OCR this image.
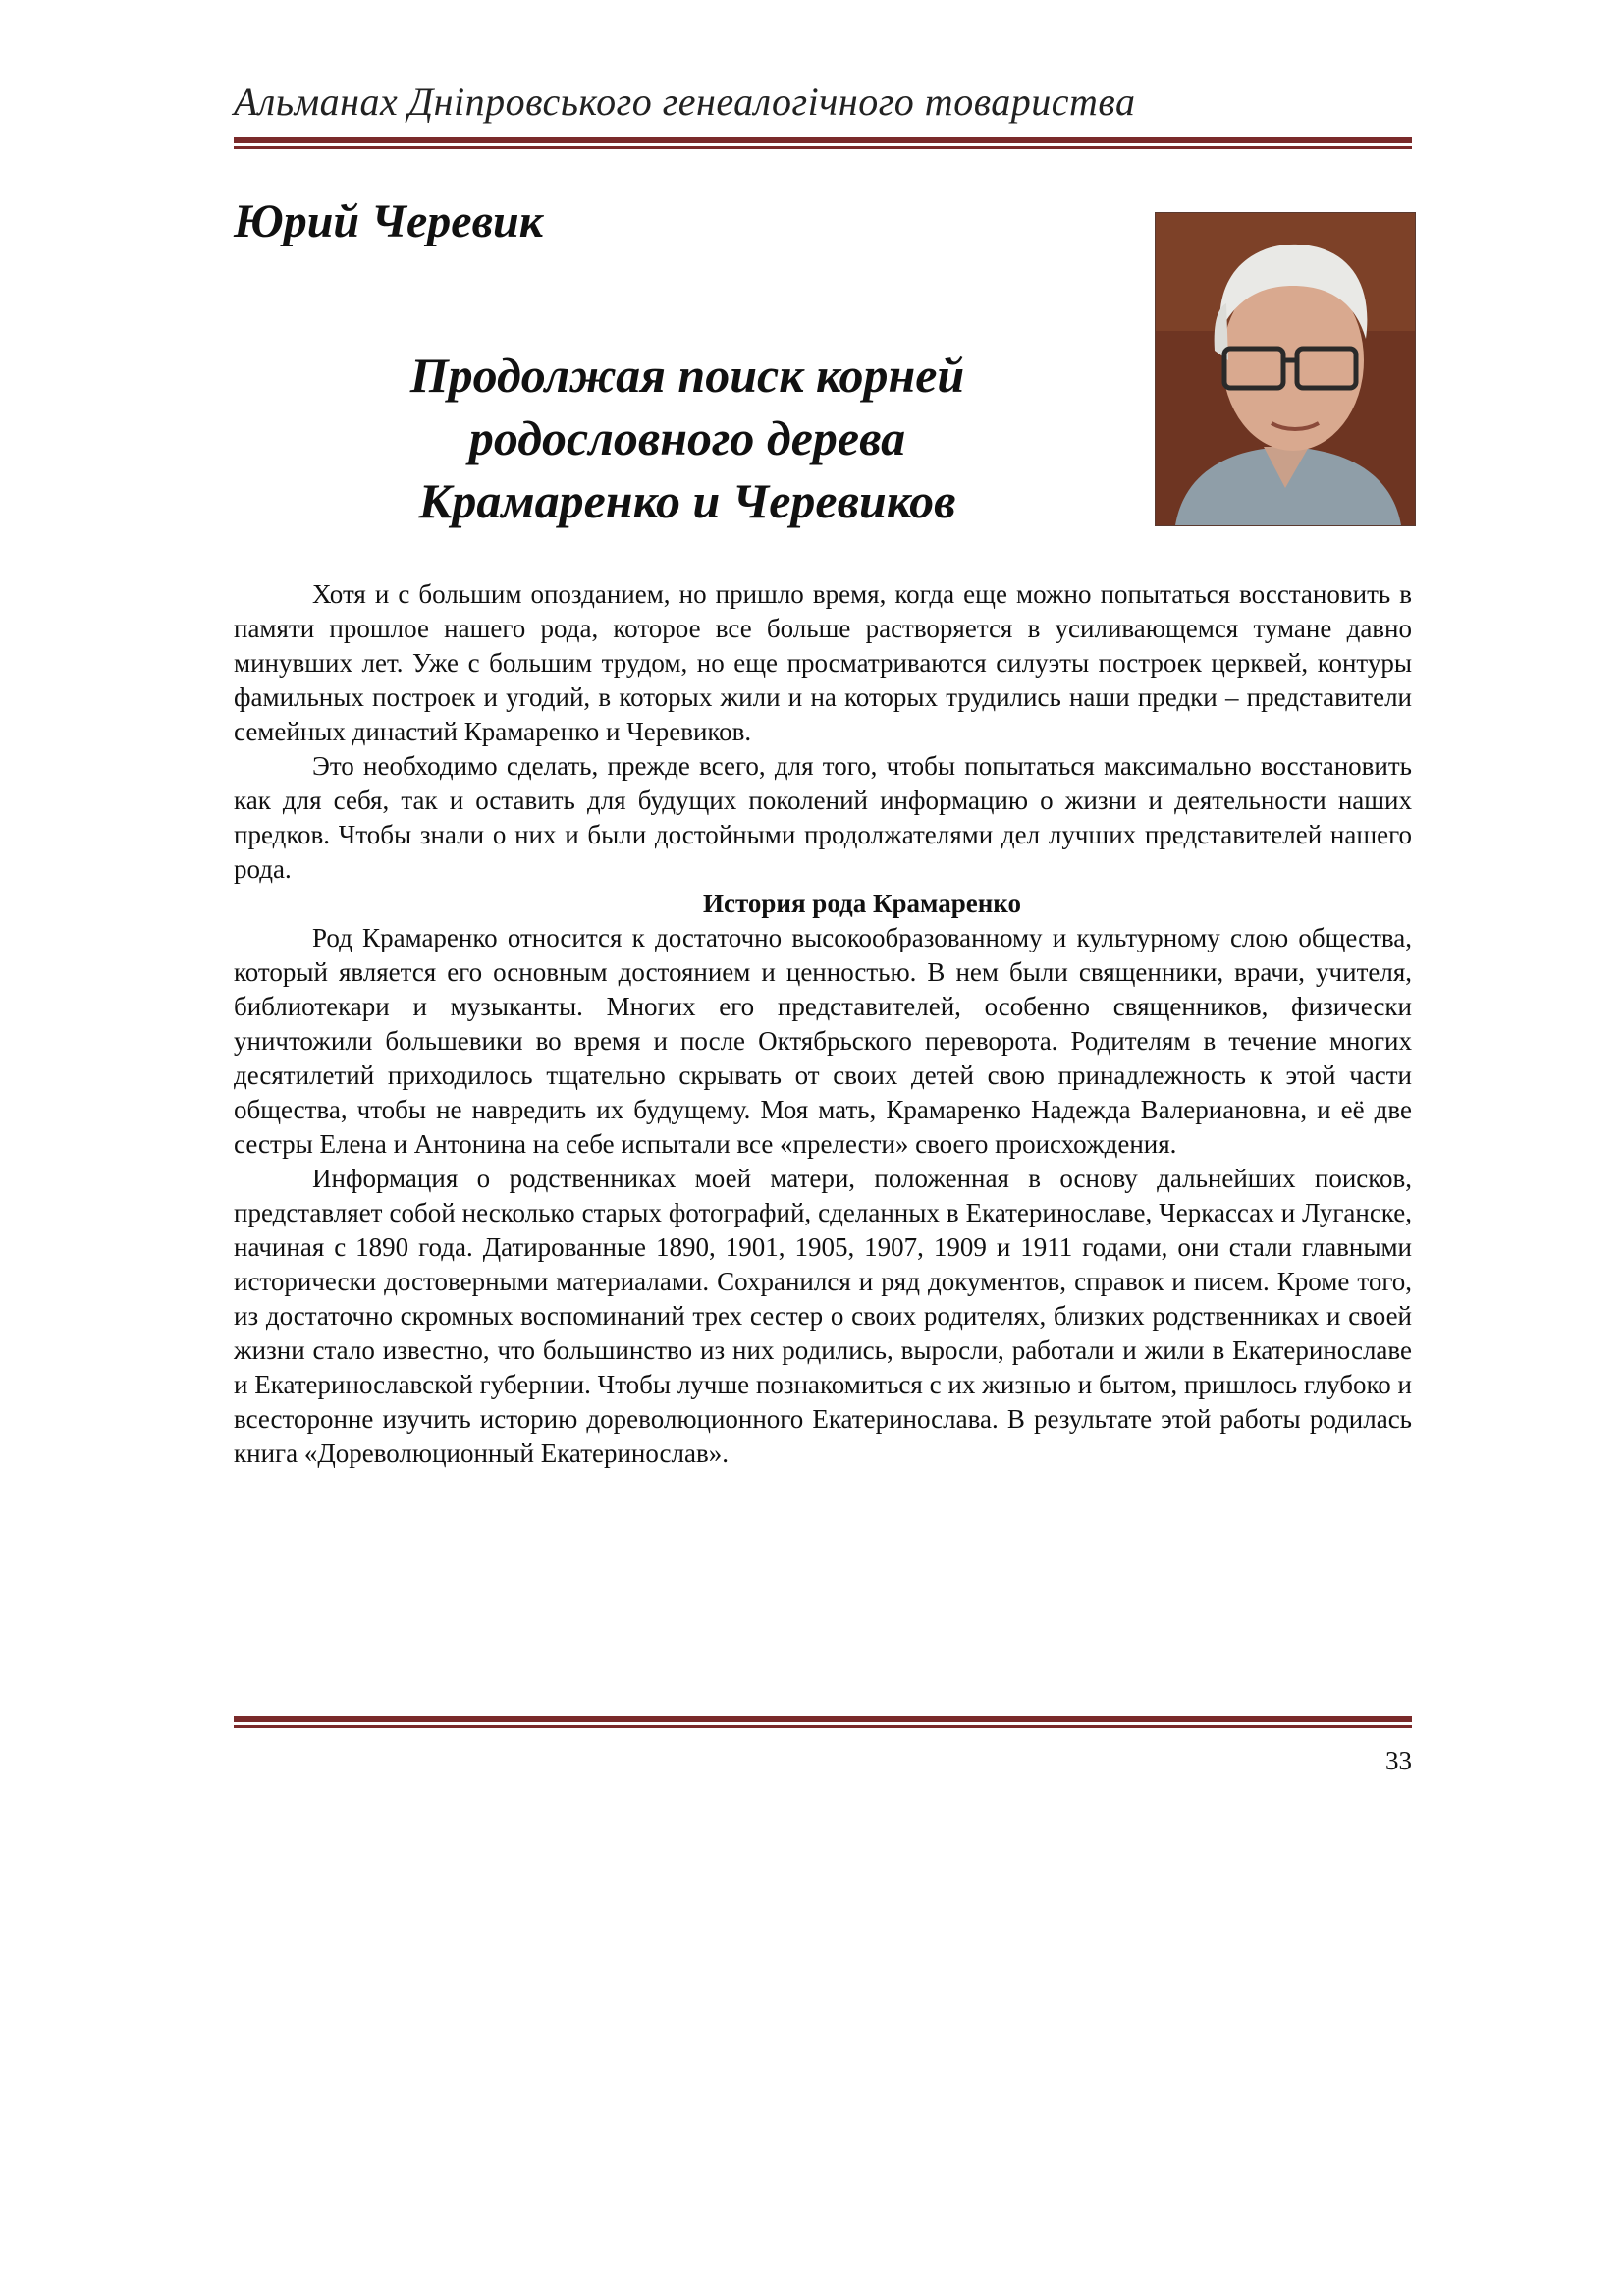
Альманах Дніпровського генеалогічного товариства
Юрий Черевик
Продолжая поиск корней
родословного дерева
Крамаренко и Черевиков

Хотя и с большим опозданием, но пришло время, когда еще можно попытаться восстановить в памяти прошлое нашего рода, которое все больше растворяется в усиливающемся тумане давно минувших лет. Уже с большим трудом, но еще просматриваются силуэты построек церквей, контуры фамильных построек и угодий, в которых жили и на которых трудились наши предки – представители семейных династий Крамаренко и Черевиков.

Это необходимо сделать, прежде всего, для того, чтобы попытаться максимально восстановить как для себя, так и оставить для будущих поколений информацию о жизни и деятельности наших предков. Чтобы знали о них и были достойными продолжателями дел лучших представителей нашего рода.

История рода Крамаренко

Род Крамаренко относится к достаточно высокообразованному и культурному слою общества, который является его основным достоянием и ценностью. В нем были священники, врачи, учителя, библиотекари и музыканты. Многих его представителей, особенно священников, физически уничтожили большевики во время и после Октябрьского переворота. Родителям в течение многих десятилетий приходилось тщательно скрывать от своих детей свою принадлежность к этой части общества, чтобы не навредить их будущему. Моя мать, Крамаренко Надежда Валериановна, и её две сестры Елена и Антонина на себе испытали все «прелести» своего происхождения.

Информация о родственниках моей матери, положенная в основу дальнейших поисков, представляет собой несколько старых фотографий, сделанных в Екатеринославе, Черкассах и Луганске, начиная с 1890 года. Датированные 1890, 1901, 1905, 1907, 1909 и 1911 годами, они стали главными исторически достоверными материалами. Сохранился и ряд документов, справок и писем. Кроме того, из достаточно скромных воспоминаний трех сестер о своих родителях, близких родственниках и своей жизни стало известно, что большинство из них родились, выросли, работали и жили в Екатеринославе и Екатеринославской губернии. Чтобы лучше познакомиться с их жизнью и бытом, пришлось глубоко и всесторонне изучить историю дореволюционного Екатеринослава. В результате этой работы родилась книга «Дореволюционный Екатеринослав».

33
